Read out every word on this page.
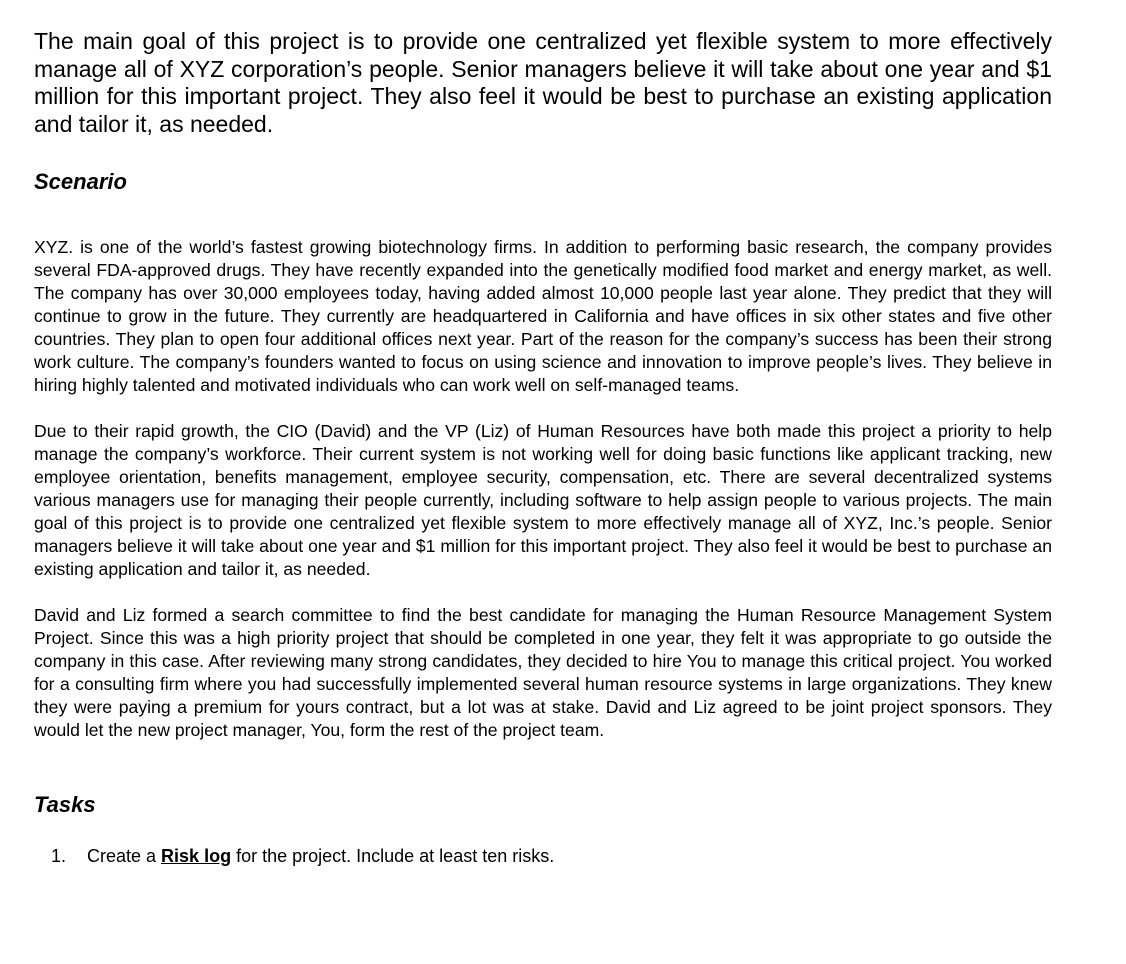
The main goal of this project is to provide one centralized yet flexible system to more effectively manage all of XYZ corporation’s people. Senior managers believe it will take about one year and $1 million for this important project. They also feel it would be best to purchase an existing application and tailor it, as needed.

Scenario

XYZ. is one of the world’s fastest growing biotechnology firms. In addition to performing basic research, the company provides several FDA-approved drugs. They have recently expanded into the genetically modified food market and energy market, as well. The company has over 30,000 employees today, having added almost 10,000 people last year alone. They predict that they will continue to grow in the future. They currently are headquartered in California and have offices in six other states and five other countries. They plan to open four additional offices next year. Part of the reason for the company’s success has been their strong work culture. The company’s founders wanted to focus on using science and innovation to improve people’s lives. They believe in hiring highly talented and motivated individuals who can work well on self-managed teams.

Due to their rapid growth, the CIO (David) and the VP (Liz) of Human Resources have both made this project a priority to help manage the company’s workforce. Their current system is not working well for doing basic functions like applicant tracking, new employee orientation, benefits management, employee security, compensation, etc. There are several decentralized systems various managers use for managing their people currently, including software to help assign people to various projects. The main goal of this project is to provide one centralized yet flexible system to more effectively manage all of XYZ, Inc.’s people. Senior managers believe it will take about one year and $1 million for this important project. They also feel it would be best to purchase an existing application and tailor it, as needed.

David and Liz formed a search committee to find the best candidate for managing the Human Resource Management System Project. Since this was a high priority project that should be completed in one year, they felt it was appropriate to go outside the company in this case. After reviewing many strong candidates, they decided to hire You to manage this critical project. You worked for a consulting firm where you had successfully implemented several human resource systems in large organizations. They knew they were paying a premium for yours contract, but a lot was at stake. David and Liz agreed to be joint project sponsors. They would let the new project manager, You, form the rest of the project team.

Tasks
1. Create a Risk log for the project. Include at least ten risks.
